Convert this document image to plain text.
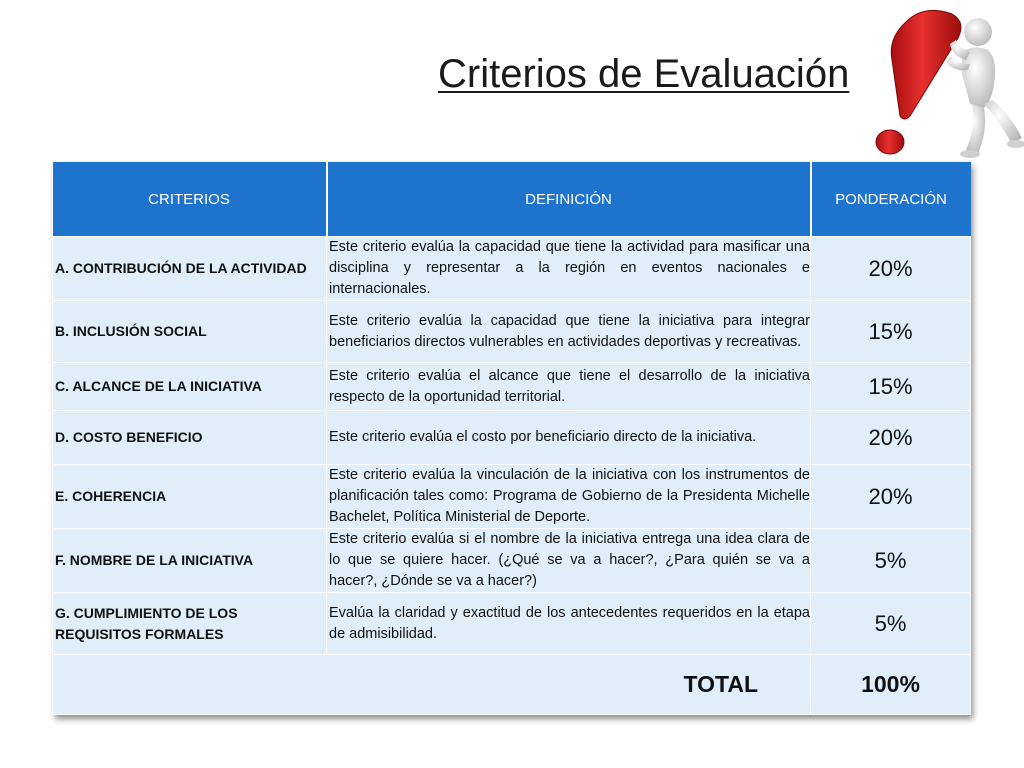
Criterios de Evaluación
CRITERIOS	DEFINICIÓN	PONDERACIÓN
A. CONTRIBUCIÓN DE LA ACTIVIDAD	Este criterio evalúa la capacidad que tiene la actividad para masificar una disciplina y representar a la región en eventos nacionales e internacionales.	20%
B. INCLUSIÓN SOCIAL	Este criterio evalúa la capacidad que tiene la iniciativa para integrar beneficiarios directos vulnerables en actividades deportivas y recreativas.	15%
C. ALCANCE DE LA INICIATIVA	Este criterio evalúa el alcance que tiene el desarrollo de la iniciativa respecto de la oportunidad territorial.	15%
D. COSTO BENEFICIO	Este criterio evalúa el costo por beneficiario directo de la iniciativa.	20%
E. COHERENCIA	Este criterio evalúa la vinculación de la iniciativa con los instrumentos de planificación tales como: Programa de Gobierno de la Presidenta Michelle Bachelet, Política Ministerial de Deporte.	20%
F. NOMBRE DE LA INICIATIVA	Este criterio evalúa si el nombre de la iniciativa entrega una idea clara de lo que se quiere hacer. (¿Qué se va a hacer?, ¿Para quién se va a hacer?, ¿Dónde se va a hacer?)	5%
G. CUMPLIMIENTO DE LOS REQUISITOS FORMALES	Evalúa la claridad y exactitud de los antecedentes requeridos en la etapa de admisibilidad.	5%
TOTAL		100%
